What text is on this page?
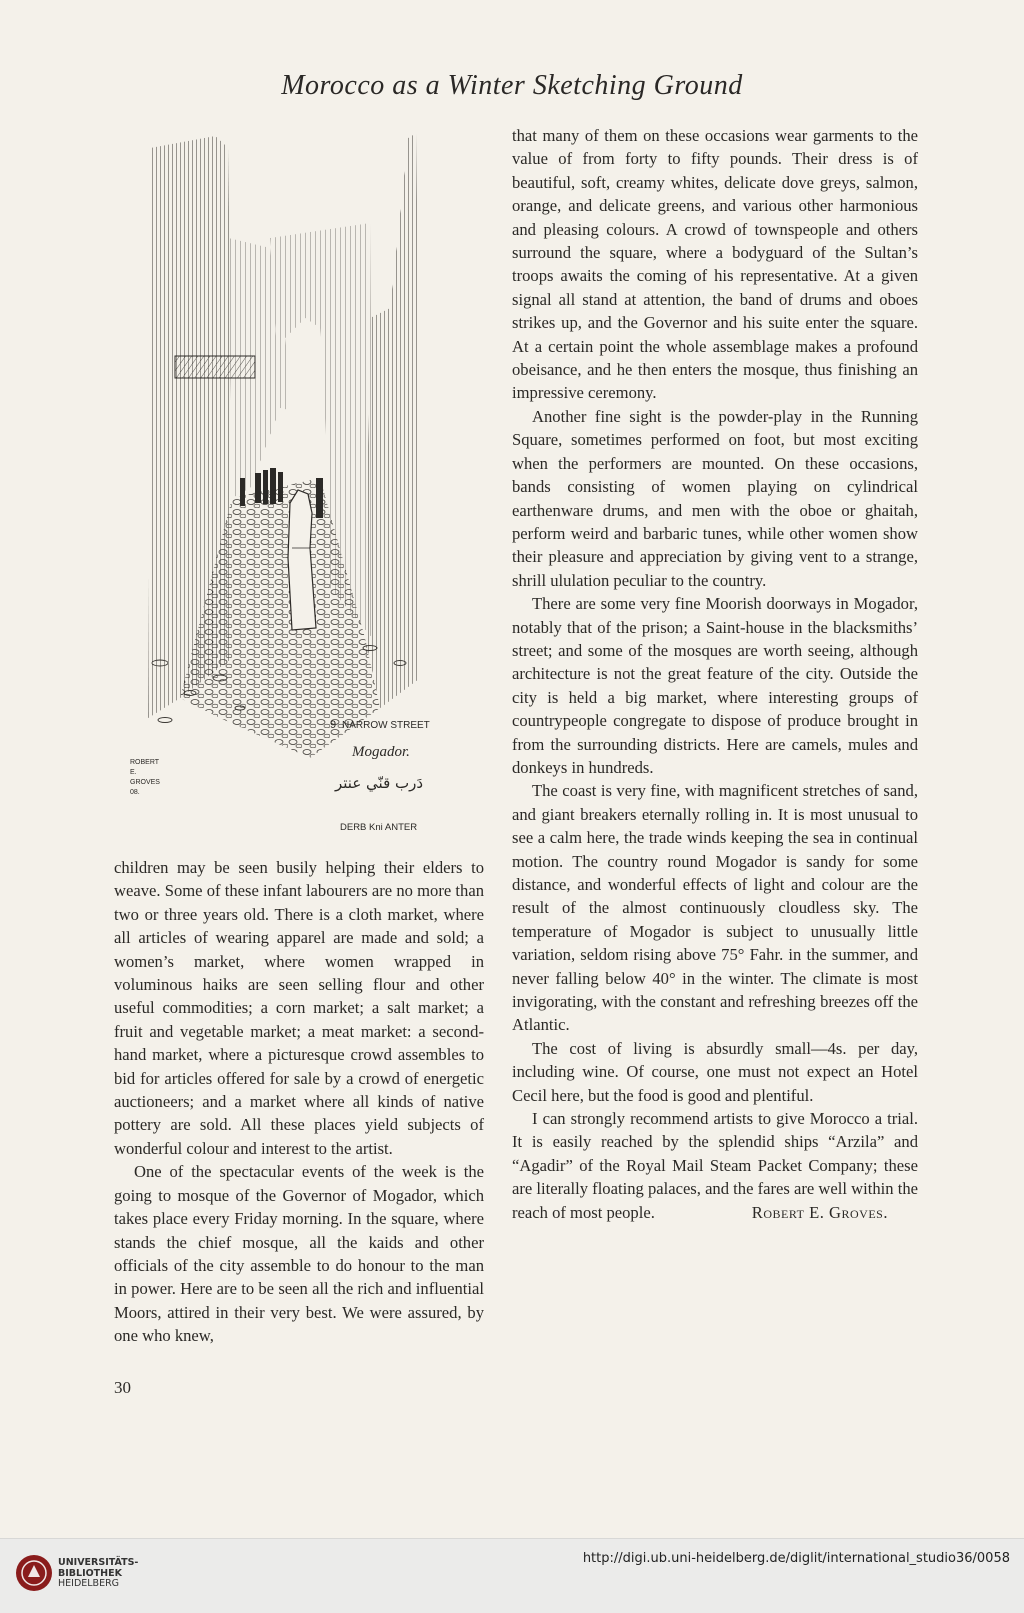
Morocco as a Winter Sketching Ground
9 NARROW STREET
Mogador.
دَرب قنّي عنتر
DERB Kni ANTER
ROBERT
E.
GROVES
08.

that many of them on these occasions wear garments to the value of from forty to fifty pounds. Their dress is of beautiful, soft, creamy whites, delicate dove greys, salmon, orange, and delicate greens, and various other harmonious and pleasing colours. A crowd of townspeople and others surround the square, where a bodyguard of the Sultan’s troops awaits the coming of his representative. At a given signal all stand at attention, the band of drums and oboes strikes up, and the Governor and his suite enter the square. At a certain point the whole assemblage makes a profound obeisance, and he then enters the mosque, thus finishing an impressive ceremony.

Another fine sight is the powder-play in the Running Square, sometimes performed on foot, but most exciting when the performers are mounted. On these occasions, bands consisting of women playing on cylindrical earthenware drums, and men with the oboe or ghaitah, perform weird and barbaric tunes, while other women show their pleasure and appreciation by giving vent to a strange, shrill ululation peculiar to the country.

There are some very fine Moorish doorways in Mogador, notably that of the prison; a Saint-house in the blacksmiths’ street; and some of the mosques are worth seeing, although architecture is not the great feature of the city. Outside the city is held a big market, where interesting groups of countrypeople congregate to dispose of produce brought in from the surrounding districts. Here are camels, mules and donkeys in hundreds.

The coast is very fine, with magnificent stretches of sand, and giant breakers eternally rolling in. It is most unusual to see a calm here, the trade winds keeping the sea in continual motion. The country round Mogador is sandy for some distance, and wonderful effects of light and colour are the result of the almost continuously cloudless sky. The temperature of Mogador is subject to unusually little variation, seldom rising above 75° Fahr. in the summer, and never falling below 40° in the winter. The climate is most invigorating, with the constant and refreshing breezes off the Atlantic.

The cost of living is absurdly small—4s. per day, including wine. Of course, one must not expect an Hotel Cecil here, but the food is good and plentiful.

I can strongly recommend artists to give Morocco a trial. It is easily reached by the splendid ships “Arzila” and “Agadir” of the Royal Mail Steam Packet Company; these are literally floating palaces, and the fares are well within the reach of most people.	Robert E. Groves.

children may be seen busily helping their elders to weave. Some of these infant labourers are no more than two or three years old. There is a cloth market, where all articles of wearing apparel are made and sold; a women’s market, where women wrapped in voluminous haiks are seen selling flour and other useful commodities; a corn market; a salt market; a fruit and vegetable market; a meat market: a second-hand market, where a picturesque crowd assembles to bid for articles offered for sale by a crowd of energetic auctioneers; and a market where all kinds of native pottery are sold. All these places yield subjects of wonderful colour and interest to the artist.

One of the spectacular events of the week is the going to mosque of the Governor of Mogador, which takes place every Friday morning. In the square, where stands the chief mosque, all the kaids and other officials of the city assemble to do honour to the man in power. Here are to be seen all the rich and influential Moors, attired in their very best. We were assured, by one who knew,

30
UNIVERSITÄTS-
BIBLIOTHEK
HEIDELBERG
http://digi.ub.uni-heidelberg.de/diglit/international_studio36/0058
